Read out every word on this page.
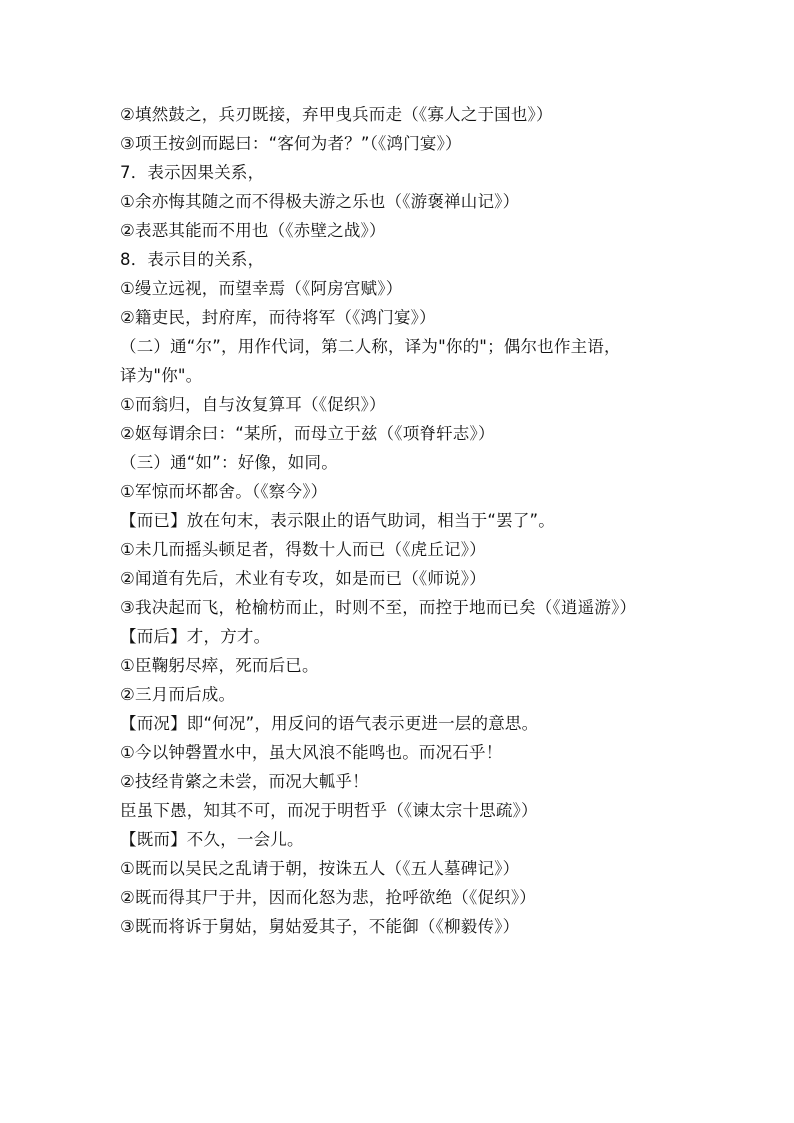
②填然鼓之，兵刃既接，弃甲曳兵而走（《寡人之于国也》）
③项王按剑而跽曰：“客何为者？”（《鸿门宴》）
7．表示因果关系，
①余亦悔其随之而不得极夫游之乐也（《游褒禅山记》）
②表恶其能而不用也（《赤壁之战》）
8．表示目的关系，
①缦立远视，而望幸焉（《阿房宫赋》）
②籍吏民，封府库，而待将军（《鸿门宴》）
（二）通“尔”，用作代词，第二人称，译为"你的"；偶尔也作主语，
译为"你"。
①而翁归，自与汝复算耳（《促织》）
②妪每谓余曰：“某所，而母立于兹（《项脊轩志》）
（三）通“如”：好像，如同。
①军惊而坏都舍。（《察今》）
【而已】放在句末，表示限止的语气助词，相当于“罢了”。
①未几而摇头顿足者，得数十人而已（《虎丘记》）
②闻道有先后，术业有专攻，如是而已（《师说》）
③我决起而飞，枪榆枋而止，时则不至，而控于地而已矣（《逍遥游》）
【而后】才，方才。
①臣鞠躬尽瘁，死而后已。
②三月而后成。
【而况】即“何况”，用反问的语气表示更进一层的意思。
①今以钟磬置水中，虽大风浪不能鸣也。而况石乎！
②技经肯綮之未尝，而况大軱乎！
臣虽下愚，知其不可，而况于明哲乎（《谏太宗十思疏》）
【既而】不久，一会儿。
①既而以吴民之乱请于朝，按诛五人（《五人墓碑记》）
②既而得其尸于井，因而化怒为悲，抢呼欲绝（《促织》）
③既而将诉于舅姑，舅姑爱其子，不能御（《柳毅传》）
